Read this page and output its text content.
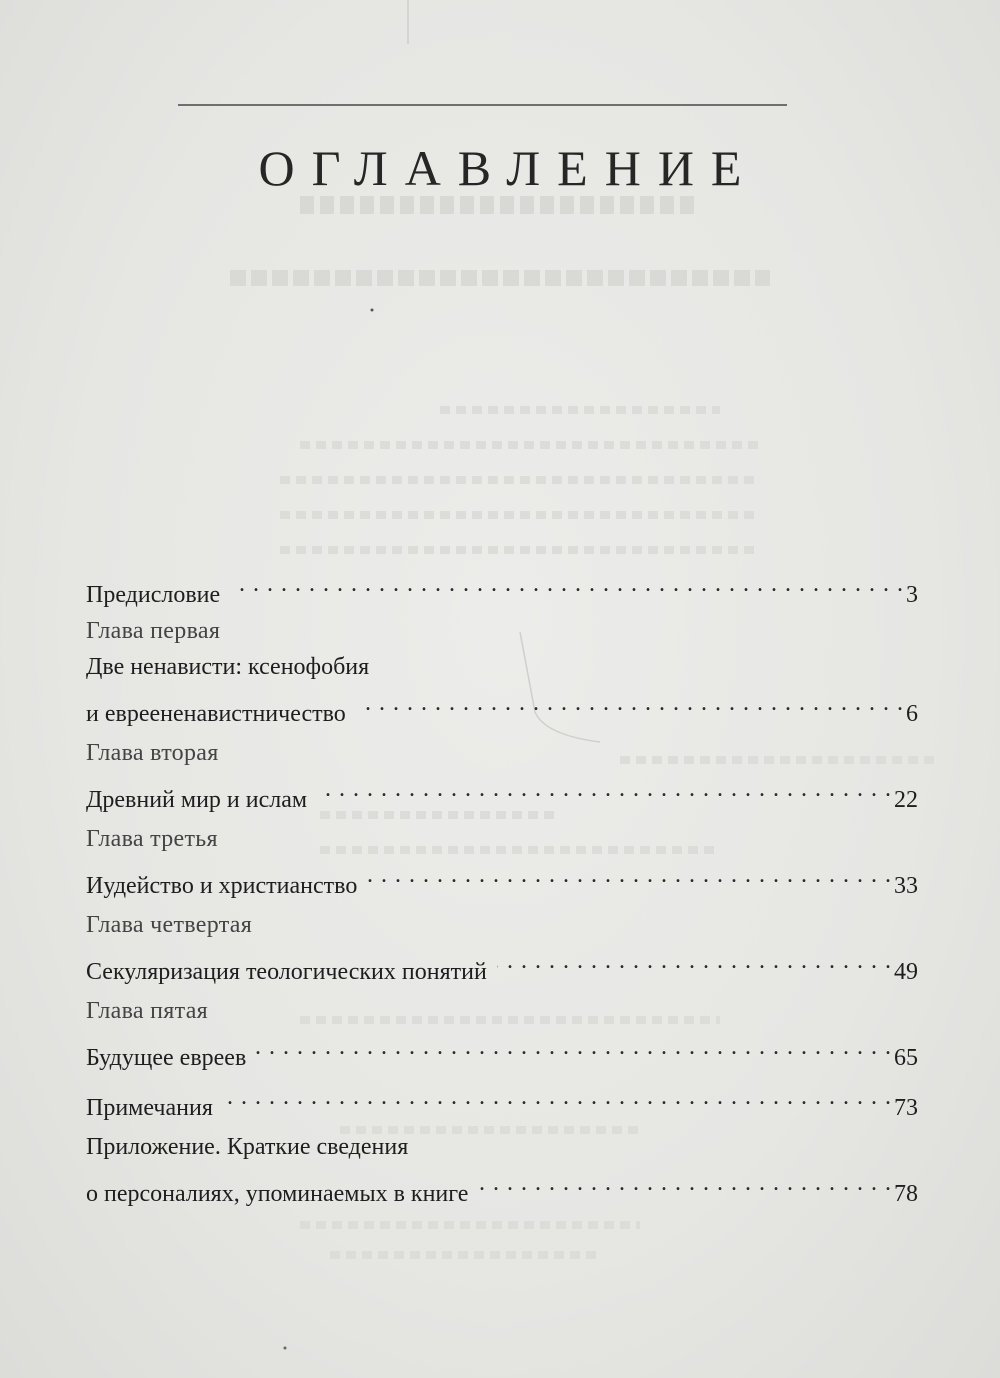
ОГЛАВЛЕНИЕ
Предисловие . . .	3
Глава первая
Две ненависти: ксенофобия
и евреененавистничество . . .	6
Глава вторая
Древний мир и ислам . . .	22
Глава третья
Иудейство и христианство . . .	33
Глава четвертая
Секуляризация теологических понятий . . .	49
Глава пятая
Будущее евреев . . .	65
Примечания . . .	73
Приложение. Краткие сведения
о персоналиях, упоминаемых в книге . . .	78
